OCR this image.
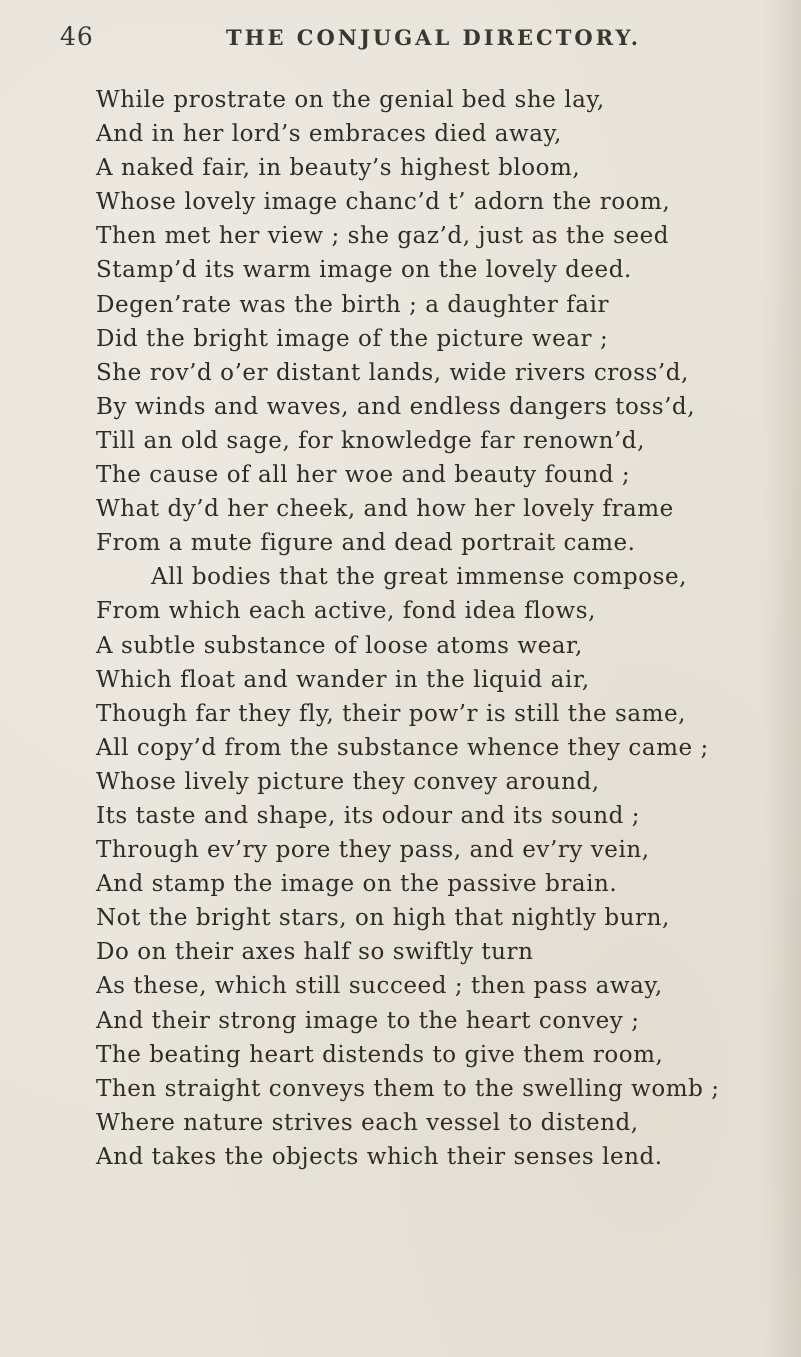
46	THE CONJUGAL DIRECTORY.
While prostrate on the genial bed she lay,
And in her lord’s embraces died away,
A naked fair, in beauty’s highest bloom,
Whose lovely image chanc’d t’ adorn the room,
Then met her view ; she gaz’d, just as the seed
Stamp’d its warm image on the lovely deed.
Degen’rate was the birth ; a daughter fair
Did the bright image of the picture wear ;
She rov’d o’er distant lands, wide rivers cross’d,
By winds and waves, and endless dangers toss’d,
Till an old sage, for knowledge far renown’d,
The cause of all her woe and beauty found ;
What dy’d her cheek, and how her lovely frame
From a mute figure and dead portrait came.
All bodies that the great immense compose,
From which each active, fond idea flows,
A subtle substance of loose atoms wear,
Which float and wander in the liquid air,
Though far they fly, their pow’r is still the same,
All copy’d from the substance whence they came ;
Whose lively picture they convey around,
Its taste and shape, its odour and its sound ;
Through ev’ry pore they pass, and ev’ry vein,
And stamp the image on the passive brain.
Not the bright stars, on high that nightly burn,
Do on their axes half so swiftly turn
As these, which still succeed ; then pass away,
And their strong image to the heart convey ;
The beating heart distends to give them room,
Then straight conveys them to the swelling womb ;
Where nature strives each vessel to distend,
And takes the objects which their senses lend.
